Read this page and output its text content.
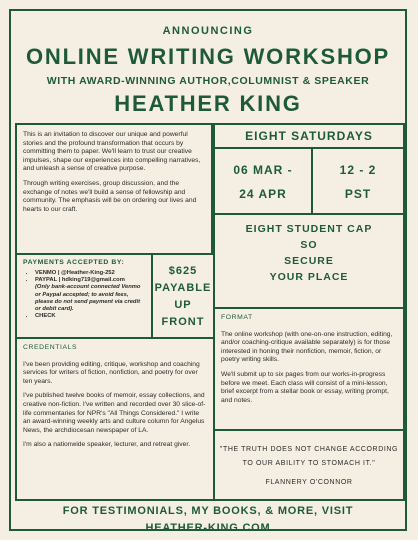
ANNOUNCING
ONLINE WRITING WORKSHOP
WITH AWARD-WINNING AUTHOR,COLUMNIST & SPEAKER
HEATHER KING

This is an invitation to discover our unique and powerful stories and the profound transformation that occurs by committing them to paper. We'll learn to trust our creative impulses, shape our experiences into compelling narratives, and unleash a sense of creative purpose.

Through writing exercises, group discussion, and the exchange of notes we'll build a sense of fellowship and community. The emphasis will be on ordering our lives and hearts to our craft.

EIGHT SATURDAYS
06 MAR -
24 APR
12 - 2
PST
EIGHT STUDENT CAP
SO
SECURE
YOUR PLACE
PAYMENTS ACCEPTED BY:
• VENMO | @Heather-King-252
• PAYPAL | hdking719@gmail.com
(Only bank-account connected Venmo or Paypal accepted; to avoid fees, please do not send payment via credit or debit card).
• CHECK
$625
PAYABLE
UP
FRONT
CREDENTIALS

I've been providing editing, critique, workshop and coaching services for writers of fiction, nonfiction, and poetry for over ten years.

I've published twelve books of memoir, essay collections, and creative non-fiction. I've written and recorded over 30 slice-of-life commentaries for NPR's "All Things Considered." I write an award-winning weekly arts and culture column for Angelus News, the archdiocesan newspaper of LA.

I'm also a nationwide speaker, lecturer, and retreat giver.

FORMAT

The online workshop (with one-on-one instruction, editing, and/or coaching-critique available separately) is for those interested in honing their nonfiction, memoir, fiction, or poetry writing skills.

We'll submit up to six pages from our works-in-progress before we meet. Each class will consist of a mini-lesson, brief excerpt from a stellar book or essay, writing prompt, and notes.

"THE TRUTH DOES NOT CHANGE ACCORDING
TO OUR ABILITY TO STOMACH IT."
FLANNERY O'CONNOR
FOR TESTIMONIALS, MY BOOKS, & MORE, VISIT
HEATHER-KING.COM
